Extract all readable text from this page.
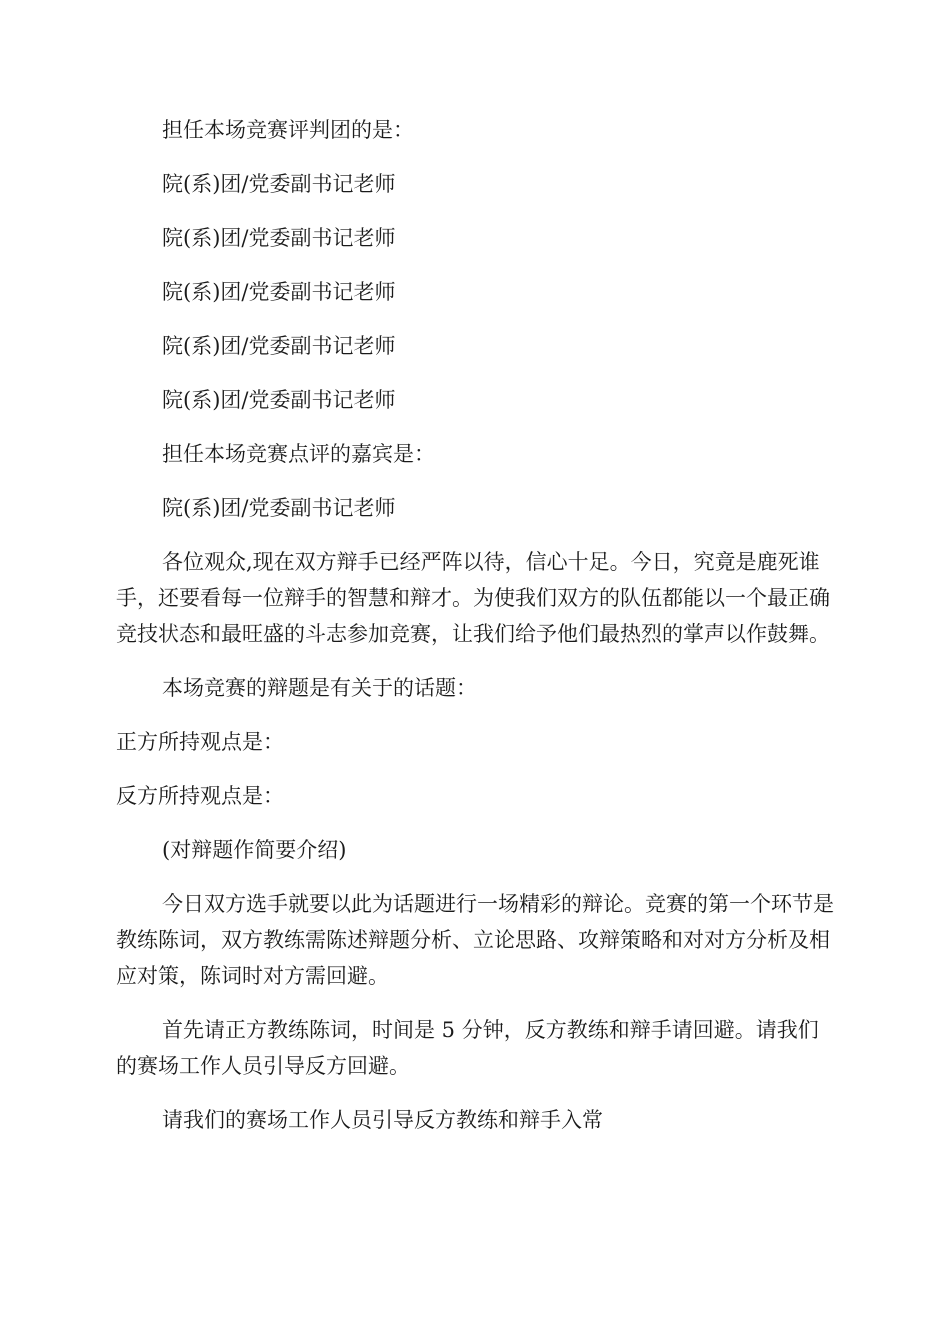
担任本场竞赛评判团的是：

院(系)团/党委副书记老师

院(系)团/党委副书记老师

院(系)团/党委副书记老师

院(系)团/党委副书记老师

院(系)团/党委副书记老师

担任本场竞赛点评的嘉宾是：

院(系)团/党委副书记老师

各位观众,现在双方辩手已经严阵以待，信心十足。今日，究竟是鹿死谁手，还要看每一位辩手的智慧和辩才。为使我们双方的队伍都能以一个最正确竞技状态和最旺盛的斗志参加竞赛，让我们给予他们最热烈的掌声以作鼓舞。

本场竞赛的辩题是有关于的话题：

正方所持观点是：

反方所持观点是：

(对辩题作简要介绍)

今日双方选手就要以此为话题进行一场精彩的辩论。竞赛的第一个环节是教练陈词，双方教练需陈述辩题分析、立论思路、攻辩策略和对对方分析及相应对策，陈词时对方需回避。

首先请正方教练陈词，时间是 5 分钟，反方教练和辩手请回避。请我们的赛场工作人员引导反方回避。

请我们的赛场工作人员引导反方教练和辩手入常
